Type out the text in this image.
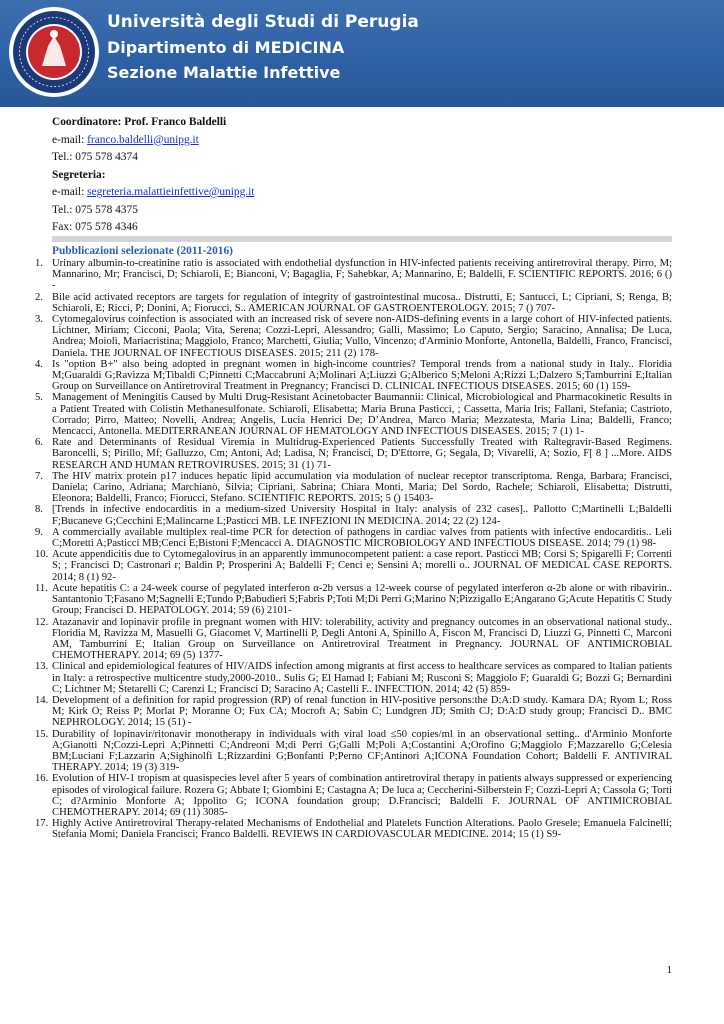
Università degli Studi di Perugia
Dipartimento di MEDICINA
Sezione Malattie Infettive
Coordinatore: Prof. Franco Baldelli
e-mail: franco.baldelli@unipg.it
Tel.: 075 578 4374
Segreteria:
e-mail: segreteria.malattieinfettive@unipg.it
Tel.: 075 578 4375
Fax: 075 578 4346
Pubblicazioni selezionate (2011-2016)
1. Urinary albumin-to-creatinine ratio is associated with endothelial dysfunction in HIV-infected patients receiving antiretroviral therapy. Pirro, M; Mannarino, Mr; Francisci, D; Schiaroli, E; Bianconi, V; Bagaglia, F; Sahebkar, A; Mannarino, E; Baldelli, F. SCIENTIFIC REPORTS. 2016; 6 () -
2. Bile acid activated receptors are targets for regulation of integrity of gastrointestinal mucosa.. Distrutti, E; Santucci, L; Cipriani, S; Renga, B; Schiaroli, E; Ricci, P; Donini, A; Fiorucci, S.. AMERICAN JOURNAL OF GASTROENTEROLOGY. 2015; 7 () 707-
3. Cytomegalovirus coinfection is associated with an increased risk of severe non-AIDS-defining events in a large cohort of HIV-infected patients. Lichtner, Miriam; Cicconi, Paola; Vita, Serena; Cozzi-Lepri, Alessandro; Galli, Massimo; Lo Caputo, Sergio; Saracino, Annalisa; De Luca, Andrea; Moioli, Mariacristina; Maggiolo, Franco; Marchetti, Giulia; Vullo, Vincenzo; d'Arminio Monforte, Antonella, Baldelli, Franco, Francisci, Daniela. THE JOURNAL OF INFECTIOUS DISEASES. 2015; 211 (2) 178-
4. Is "option B+" also being adopted in pregnant women in high-income countries? Temporal trends from a national study in Italy.. Floridia M;Guaraldi G;Ravizza M;Tibaldi C;Pinnetti C;Maccabruni A;Molinari A;Liuzzi G;Alberico S;Meloni A;Rizzi L;Dalzero S;Tamburrini E;Italian Group on Surveillance on Antiretroviral Treatment in Pregnancy; Francisci D. CLINICAL INFECTIOUS DISEASES. 2015; 60 (1) 159-
5. Management of Meningitis Caused by Multi Drug-Resistant Acinetobacter Baumannii: Clinical, Microbiological and Pharmacokinetic Results in a Patient Treated with Colistin Methanesulfonate. Schiaroli, Elisabetta; Maria Bruna Pasticci, ; Cassetta, Maria Iris; Fallani, Stefania; Castrioto, Corrado; Pirro, Matteo; Novelli, Andrea; Angelis, Lucia Henrici De; D’Andrea, Marco Maria; Mezzatesta, Maria Lina; Baldelli, Franco; Mencacci, Antonella. MEDITERRANEAN JOURNAL OF HEMATOLOGY AND INFECTIOUS DISEASES. 2015; 7 (1) 1-
6. Rate and Determinants of Residual Viremia in Multidrug-Experienced Patients Successfully Treated with Raltegravir-Based Regimens. Baroncelli, S; Pirillo, Mf; Galluzzo, Cm; Antoni, Ad; Ladisa, N; Francisci, D; D'Ettorre, G; Segala, D; Vivarelli, A; Sozio, F[ 8 ] ...More. AIDS RESEARCH AND HUMAN RETROVIRUSES. 2015; 31 (1) 71-
7. The HIV matrix protein p17 induces hepatic lipid accumulation via modulation of nuclear receptor transcriptoma. Renga, Barbara; Francisci, Daniela; Carino, Adriana; Marchianò, Silvia; Cipriani, Sabrina; Chiara Monti, Maria; Del Sordo, Rachele; Schiaroli, Elisabetta; Distrutti, Eleonora; Baldelli, Franco; Fiorucci, Stefano. SCIENTIFIC REPORTS. 2015; 5 () 15403-
8. [Trends in infective endocarditis in a medium-sized University Hospital in Italy: analysis of 232 cases].. Pallotto C;Martinelli L;Baldelli F;Bucaneve G;Cecchini E;Malincarne L;Pasticci MB. LE INFEZIONI IN MEDICINA. 2014; 22 (2) 124-
9. A commercially available multiplex real-time PCR for detection of pathogens in cardiac valves from patients with infective endocarditis.. Leli C;Moretti A;Pasticci MB;Cenci E;Bistoni F;Mencacci A. DIAGNOSTIC MICROBIOLOGY AND INFECTIOUS DISEASE. 2014; 79 (1) 98-
10. Acute appendicitis due to Cytomegalovirus in an apparently immunocompetent patient: a case report. Pasticci MB; Corsi S; Spigarelli F; Correnti S; ; Francisci D; Castronari r; Baldin P; Prosperini A; Baldelli F; Cenci e; Sensini A; morelli o.. JOURNAL OF MEDICAL CASE REPORTS. 2014; 8 (1) 92-
11. Acute hepatitis C: a 24-week course of pegylated interferon α-2b versus a 12-week course of pegylated interferon α-2b alone or with ribavirin.. Santantonio T;Fasano M;Sagnelli E;Tundo P;Babudieri S;Fabris P;Toti M;Di Perri G;Marino N;Pizzigallo E;Angarano G;Acute Hepatitis C Study Group; Francisci D. HEPATOLOGY. 2014; 59 (6) 2101-
12. Atazanavir and lopinavir profile in pregnant women with HIV: tolerability, activity and pregnancy outcomes in an observational national study.. Floridia M, Ravizza M, Masuelli G, Giacomet V, Martinelli P, Degli Antoni A, Spinillo A, Fiscon M, Francisci D, Liuzzi G, Pinnetti C, Marconi AM, Tamburrini E; Italian Group on Surveillance on Antiretroviral Treatment in Pregnancy. JOURNAL OF ANTIMICROBIAL CHEMOTHERAPY. 2014; 69 (5) 1377-
13. Clinical and epidemiological features of HIV/AIDS infection among migrants at first access to healthcare services as compared to Italian patients in Italy: a retrospective multicentre study,2000-2010.. Sulis G; El Hamad I; Fabiani M; Rusconi S; Maggiolo F; Guaraldi G; Bozzi G; Bernardini C; Lichtner M; Stetarelli C; Carenzi L; Francisci D; Saracino A; Castelli F.. INFECTION. 2014; 42 (5) 859-
14. Development of a definition for rapid progression (RP) of renal function in HIV-positive persons:the D:A:D study. Kamara DA; Ryom L; Ross M; Kirk O; Reiss P; Morlat P; Moranne O; Fux CA; Mocroft A; Sabin C; Lundgren JD; Smith CJ; D:A:D study group; Francisci D.. BMC NEPHROLOGY. 2014; 15 (51) -
15. Durability of lopinavir/ritonavir monotherapy in individuals with viral load ≤50 copies/ml in an observational setting.. d'Arminio Monforte A;Gianotti N;Cozzi-Lepri A;Pinnetti C;Andreoni M;di Perri G;Galli M;Poli A;Costantini A;Orofino G;Maggiolo F;Mazzarello G;Celesia BM;Luciani F;Lazzarin A;Sighinolfi L;Rizzardini G;Bonfanti P;Perno CF;Antinori A;ICONA Foundation Cohort; Baldelli F. ANTIVIRAL THERAPY. 2014; 19 (3) 319-
16. Evolution of HIV-1 tropism at quasispecies level after 5 years of combination antiretroviral therapy in patients always suppressed or experiencing episodes of virological failure. Rozera G; Abbate I; Giombini E; Castagna A; De luca a; Ceccherini-Silberstein F; Cozzi-Lepri A; Cassola G; Torti C; d?Arminio Monforte A; Ippolito G; ICONA foundation group; D.Francisci; Baldelli F. JOURNAL OF ANTIMICROBIAL CHEMOTHERAPY. 2014; 69 (11) 3085-
17. Highly Active Antiretroviral Therapy-related Mechanisms of Endothelial and Platelets Function Alterations. Paolo Gresele; Emanuela Falcinelli; Stefania Momi; Daniela Francisci; Franco Baldelli. REVIEWS IN CARDIOVASCULAR MEDICINE. 2014; 15 (1) S9-
1
